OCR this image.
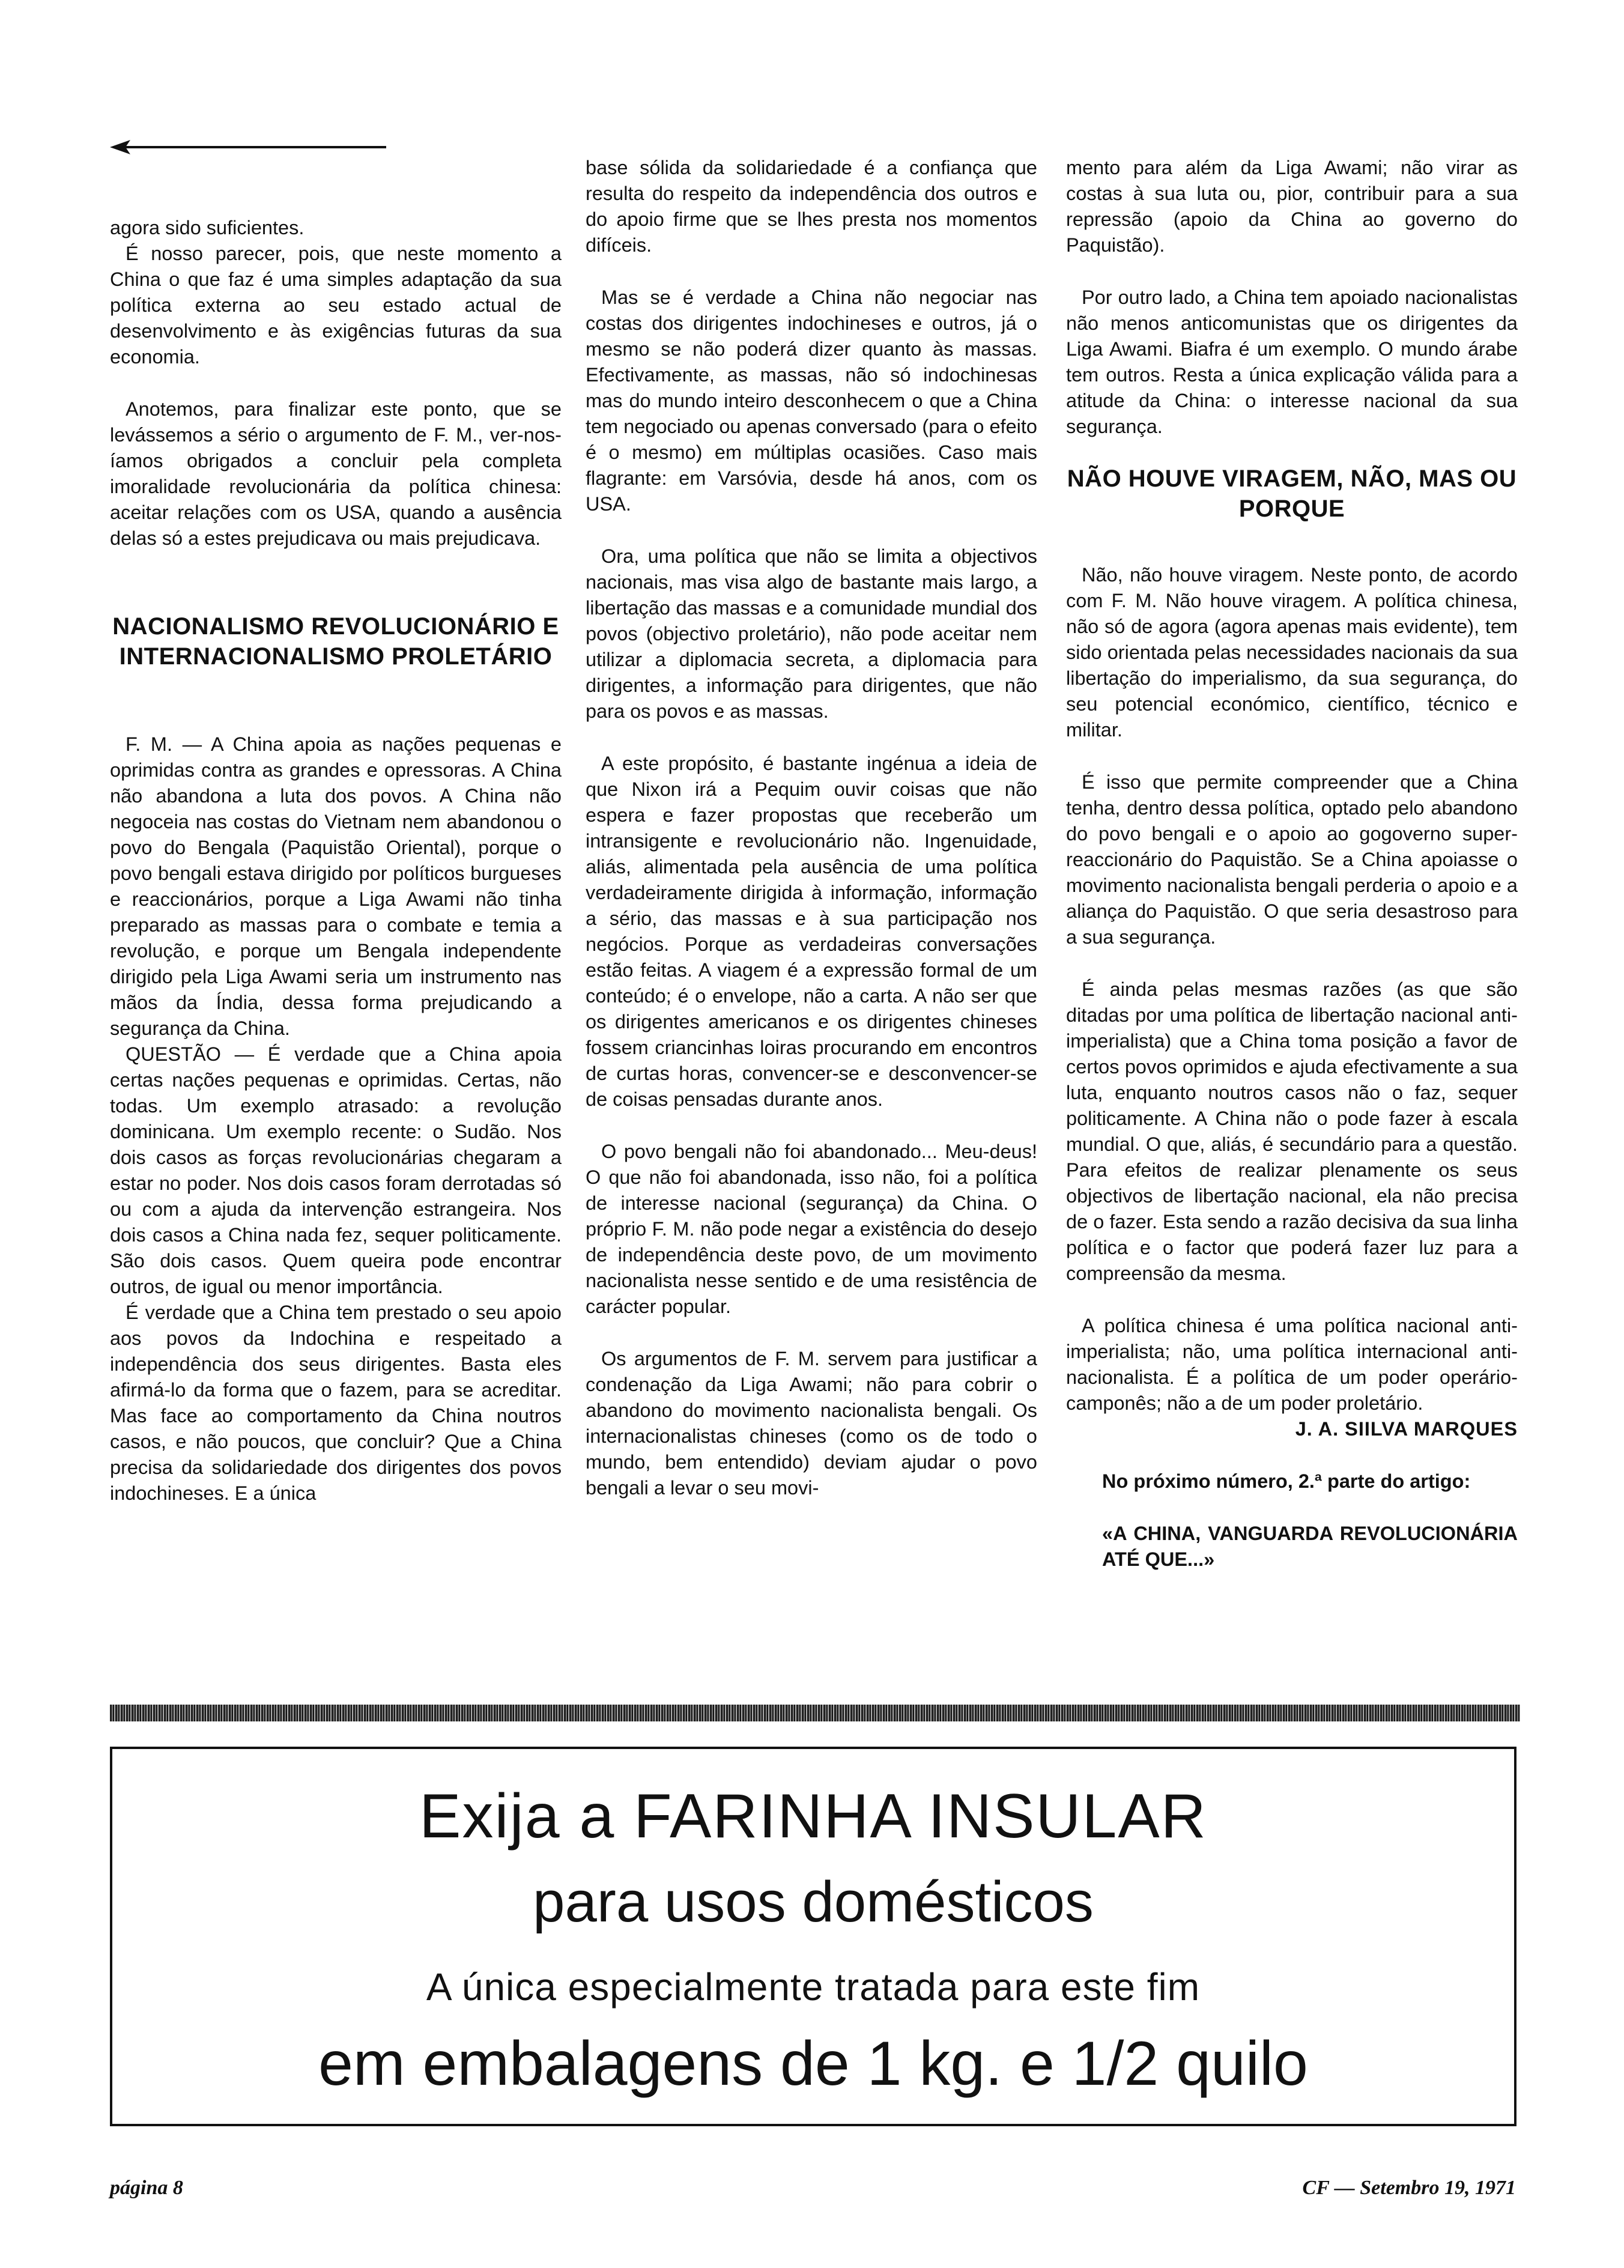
agora sido suficientes.

É nosso parecer, pois, que neste momento a China o que faz é uma simples adaptação da sua política externa ao seu estado actual de desenvolvimento e às exigências futuras da sua economia.

Anotemos, para finalizar este ponto, que se levássemos a sério o argumento de F. M., ver-nos-íamos obrigados a concluir pela completa imoralidade revolucionária da política chinesa: aceitar relações com os USA, quando a ausência delas só a estes prejudicava ou mais prejudicava.

NACIONALISMO REVOLUCIONÁRIO E INTERNACIONALISMO PROLETÁRIO

F. M. — A China apoia as nações pequenas e oprimidas contra as grandes e opressoras. A China não abandona a luta dos povos. A China não negoceia nas costas do Vietnam nem abandonou o povo do Bengala (Paquistão Oriental), porque o povo bengali estava dirigido por políticos burgueses e reaccionários, porque a Liga Awami não tinha preparado as massas para o combate e temia a revolução, e porque um Bengala independente dirigido pela Liga Awami seria um instrumento nas mãos da Índia, dessa forma prejudicando a segurança da China.

QUESTÃO — É verdade que a China apoia certas nações pequenas e oprimidas. Certas, não todas. Um exemplo atrasado: a revolução dominicana. Um exemplo recente: o Sudão. Nos dois casos as forças revolucionárias chegaram a estar no poder. Nos dois casos foram derrotadas só ou com a ajuda da intervenção estrangeira. Nos dois casos a China nada fez, sequer politicamente. São dois casos. Quem queira pode encontrar outros, de igual ou menor importância.

É verdade que a China tem prestado o seu apoio aos povos da Indochina e respeitado a independência dos seus dirigentes. Basta eles afirmá-lo da forma que o fazem, para se acreditar. Mas face ao comportamento da China noutros casos, e não poucos, que concluir? Que a China precisa da solidariedade dos dirigentes dos povos indochineses. E a única

base sólida da solidariedade é a confiança que resulta do respeito da independência dos outros e do apoio firme que se lhes presta nos momentos difíceis.

Mas se é verdade a China não negociar nas costas dos dirigentes indochineses e outros, já o mesmo se não poderá dizer quanto às massas. Efectivamente, as massas, não só indochinesas mas do mundo inteiro desconhecem o que a China tem negociado ou apenas conversado (para o efeito é o mesmo) em múltiplas ocasiões. Caso mais flagrante: em Varsóvia, desde há anos, com os USA.

Ora, uma política que não se limita a objectivos nacionais, mas visa algo de bastante mais largo, a libertação das massas e a comunidade mundial dos povos (objectivo proletário), não pode aceitar nem utilizar a diplomacia secreta, a diplomacia para dirigentes, a informação para dirigentes, que não para os povos e as massas.

A este propósito, é bastante ingénua a ideia de que Nixon irá a Pequim ouvir coisas que não espera e fazer propostas que receberão um intransigente e revolucionário não. Ingenuidade, aliás, alimentada pela ausência de uma política verdadeiramente dirigida à informação, informação a sério, das massas e à sua participação nos negócios. Porque as verdadeiras conversações estão feitas. A viagem é a expressão formal de um conteúdo; é o envelope, não a carta. A não ser que os dirigentes americanos e os dirigentes chineses fossem criancinhas loiras procurando em encontros de curtas horas, convencer-se e desconvencer-se de coisas pensadas durante anos.

O povo bengali não foi abandonado... Meu-deus! O que não foi abandonada, isso não, foi a política de interesse nacional (segurança) da China. O próprio F. M. não pode negar a existência do desejo de independência deste povo, de um movimento nacionalista nesse sentido e de uma resistência de carácter popular.

Os argumentos de F. M. servem para justificar a condenação da Liga Awami; não para cobrir o abandono do movimento nacionalista bengali. Os internacionalistas chineses (como os de todo o mundo, bem entendido) deviam ajudar o povo bengali a levar o seu movi-

mento para além da Liga Awami; não virar as costas à sua luta ou, pior, contribuir para a sua repressão (apoio da China ao governo do Paquistão).

Por outro lado, a China tem apoiado nacionalistas não menos anticomunistas que os dirigentes da Liga Awami. Biafra é um exemplo. O mundo árabe tem outros. Resta a única explicação válida para a atitude da China: o interesse nacional da sua segurança.

NÃO HOUVE VIRAGEM, NÃO, MAS OU PORQUE

Não, não houve viragem. Neste ponto, de acordo com F. M. Não houve viragem. A política chinesa, não só de agora (agora apenas mais evidente), tem sido orientada pelas necessidades nacionais da sua libertação do imperialismo, da sua segurança, do seu potencial económico, científico, técnico e militar.

É isso que permite compreender que a China tenha, dentro dessa política, optado pelo abandono do povo bengali e o apoio ao gogoverno super-reaccionário do Paquistão. Se a China apoiasse o movimento nacionalista bengali perderia o apoio e a aliança do Paquistão. O que seria desastroso para a sua segurança.

É ainda pelas mesmas razões (as que são ditadas por uma política de libertação nacional anti-imperialista) que a China toma posição a favor de certos povos oprimidos e ajuda efectivamente a sua luta, enquanto noutros casos não o faz, sequer politicamente. A China não o pode fazer à escala mundial. O que, aliás, é secundário para a questão. Para efeitos de realizar plenamente os seus objectivos de libertação nacional, ela não precisa de o fazer. Esta sendo a razão decisiva da sua linha política e o factor que poderá fazer luz para a compreensão da mesma.

A política chinesa é uma política nacional anti-imperialista; não, uma política internacional anti-nacionalista. É a política de um poder operário-camponês; não a de um poder proletário.

J. A. SIILVA MARQUES

No próximo número, 2.ª parte do artigo:

«A CHINA, VANGUARDA REVOLUCIONÁRIA ATÉ QUE...»

Exija a FARINHA INSULAR
para usos domésticos
A única especialmente tratada para este fim
em embalagens de 1 kg. e 1/2 quilo
página 8	CF — Setembro 19, 1971
